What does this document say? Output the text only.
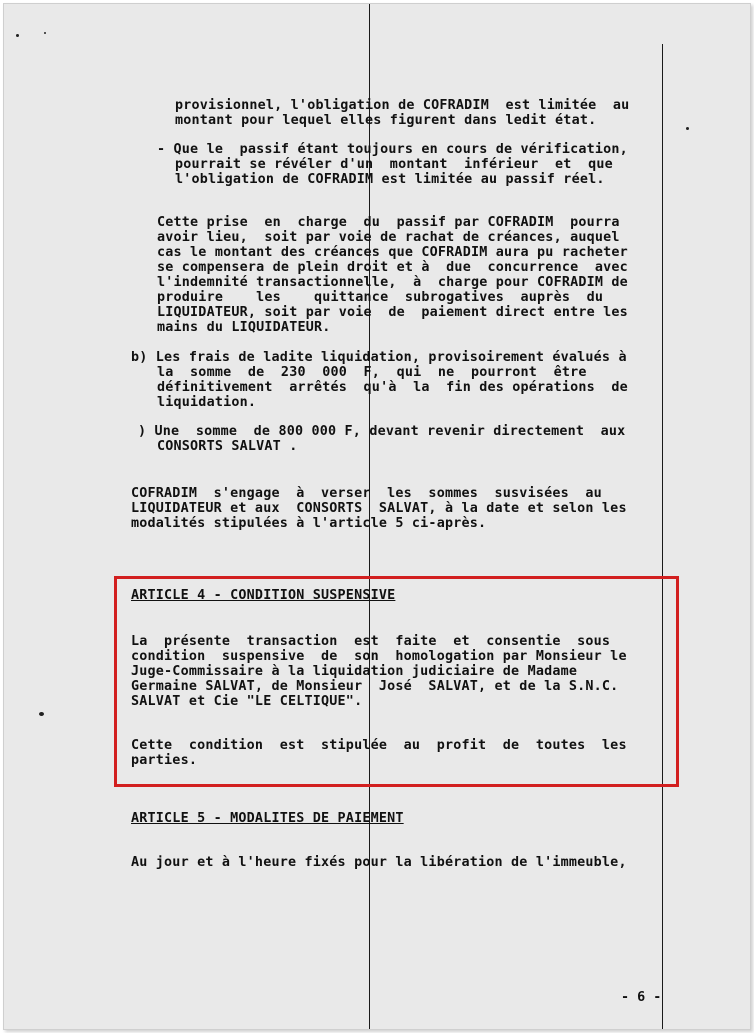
provisionnel, l'obligation de COFRADIM  est limitée  au
montant pour lequel elles figurent dans ledit état.
- Que le  passif étant toujours en cours de vérification,
pourrait se révéler d'un  montant  inférieur  et  que
l'obligation de COFRADIM est limitée au passif réel.
Cette prise  en  charge  du  passif par COFRADIM  pourra
avoir lieu,  soit par voie de rachat de créances, auquel
cas le montant des créances que COFRADIM aura pu racheter
se compensera de plein droit et à  due  concurrence  avec
l'indemnité transactionnelle,  à  charge pour COFRADIM de
produire    les    quittance  subrogatives  auprès  du
LIQUIDATEUR, soit par voie  de  paiement direct entre les
mains du LIQUIDATEUR.
b) Les frais de ladite liquidation, provisoirement évalués à
la  somme  de  230  000  F,  qui  ne  pourront  être
définitivement  arrêtés  qu'à  la  fin des opérations  de
liquidation.
) Une  somme  de 800 000 F, devant revenir directement  aux
CONSORTS SALVAT .
COFRADIM  s'engage  à  verser  les  sommes  susvisées  au
LIQUIDATEUR et aux  CONSORTS  SALVAT, à la date et selon les
modalités stipulées à l'article 5 ci-après.
ARTICLE 4 - CONDITION SUSPENSIVE
La  présente  transaction  est  faite  et  consentie  sous
condition  suspensive  de  son  homologation par Monsieur le
Juge-Commissaire à la liquidation judiciaire de Madame
Germaine SALVAT, de Monsieur  José  SALVAT, et de la S.N.C.
SALVAT et Cie "LE CELTIQUE".
Cette  condition  est  stipulée  au  profit  de  toutes  les
parties.
ARTICLE 5 - MODALITES DE PAIEMENT
Au jour et à l'heure fixés pour la libération de l'immeuble,
- 6 -
